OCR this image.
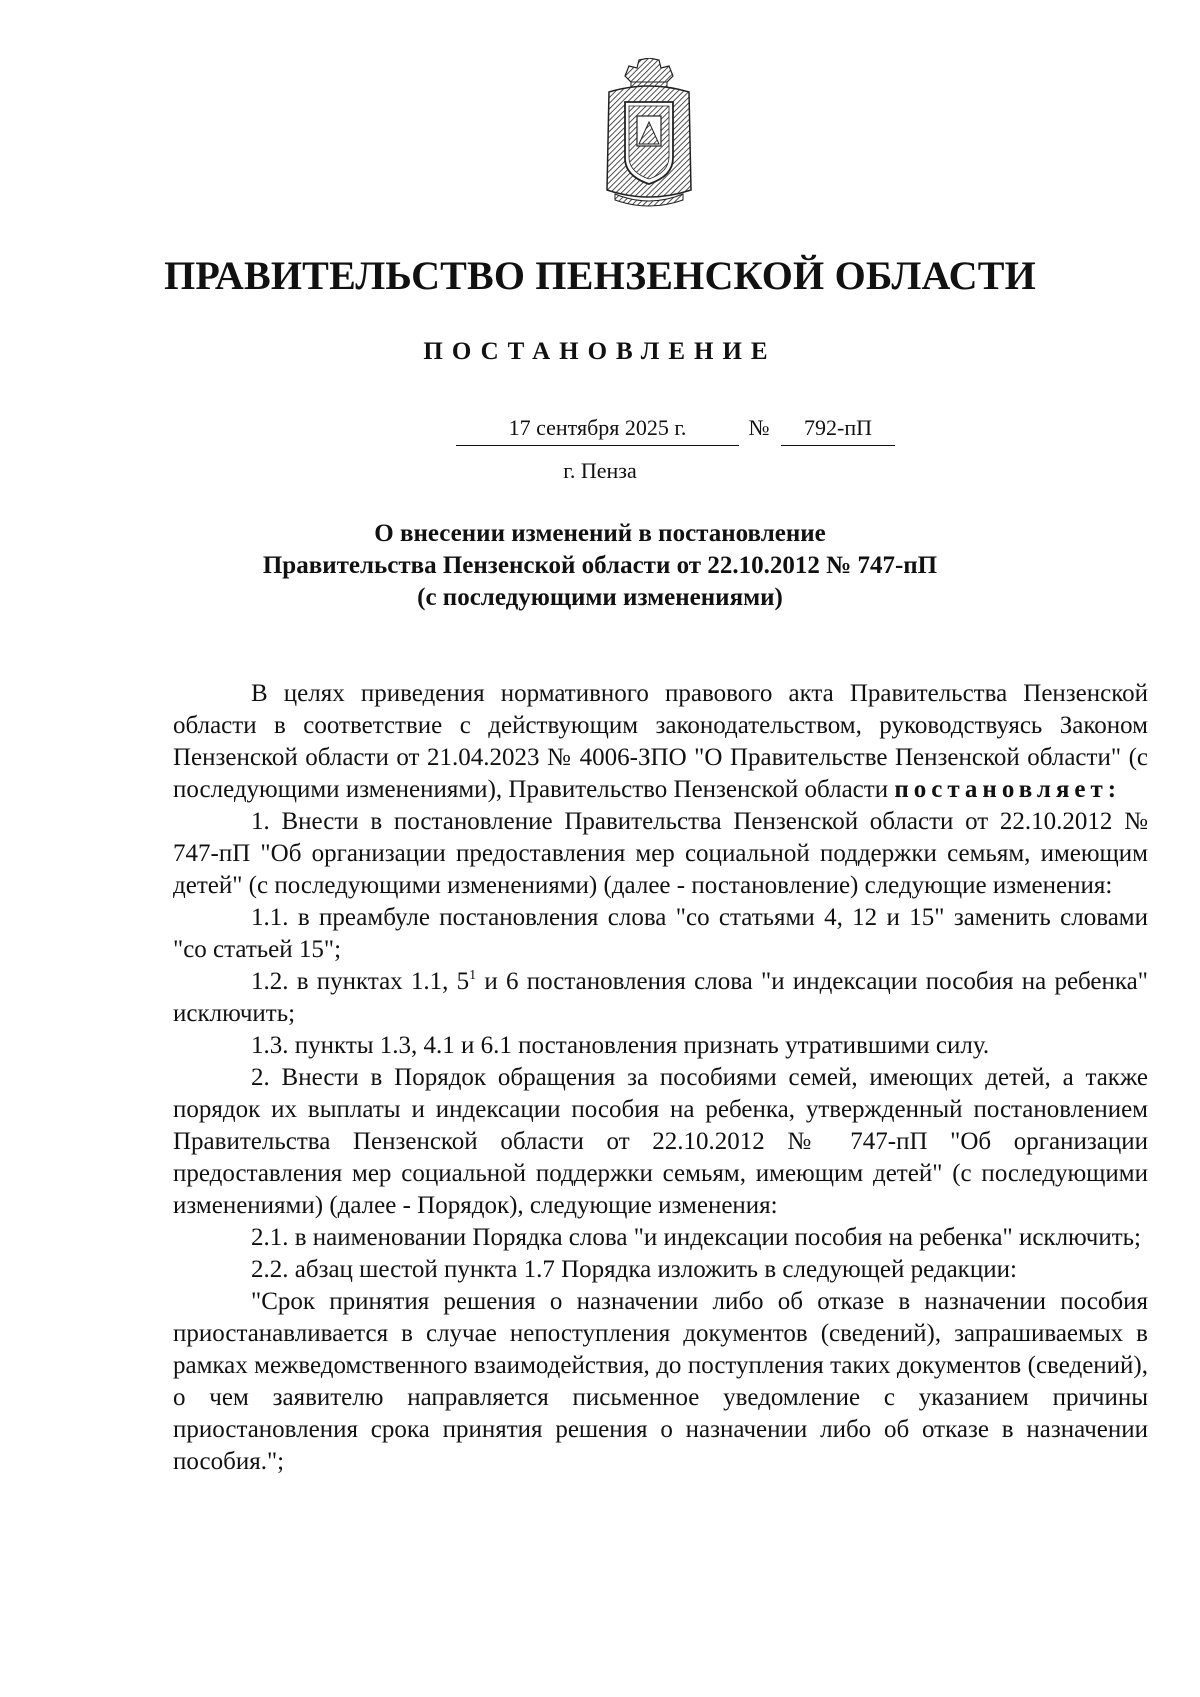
ПРАВИТЕЛЬСТВО ПЕНЗЕНСКОЙ ОБЛАСТИ
ПОСТАНОВЛЕНИЕ
17 сентября 2025 г.	№	792-пП
г. Пенза
О внесении изменений в постановление
Правительства Пензенской области от 22.10.2012 № 747-пП
(с последующими изменениями)

В целях приведения нормативного правового акта Правительства Пензенской области в соответствие с действующим законодательством, руководствуясь Законом Пензенской области от 21.04.2023 № 4006-ЗПО "О Правительстве Пензенской области" (с последующими изменениями), Правительство Пензенской области постановляет:

1. Внести в постановление Правительства Пензенской области от 22.10.2012 № 747-пП "Об организации предоставления мер социальной поддержки семьям, имеющим детей" (с последующими изменениями) (далее - постановление) следующие изменения:

1.1. в преамбуле постановления слова "со статьями 4, 12 и 15" заменить словами "со статьей 15";

1.2. в пунктах 1.1, $5^1$ и 6 постановления слова "и индексации пособия на ребенка" исключить;

1.3. пункты 1.3, 4.1 и 6.1 постановления признать утратившими силу.

2. Внести в Порядок обращения за пособиями семей, имеющих детей, а также порядок их выплаты и индексации пособия на ребенка, утвержденный постановлением Правительства Пензенской области от 22.10.2012 № 747-пП "Об организации предоставления мер социальной поддержки семьям, имеющим детей" (с последующими изменениями) (далее - Порядок), следующие изменения:

2.1. в наименовании Порядка слова "и индексации пособия на ребенка" исключить;

2.2. абзац шестой пункта 1.7 Порядка изложить в следующей редакции:

"Срок принятия решения о назначении либо об отказе в назначении пособия приостанавливается в случае непоступления документов (сведений), запрашиваемых в рамках межведомственного взаимодействия, до поступления таких документов (сведений), о чем заявителю направляется письменное уведомление с указанием причины приостановления срока принятия решения о назначении либо об отказе в назначении пособия.";
